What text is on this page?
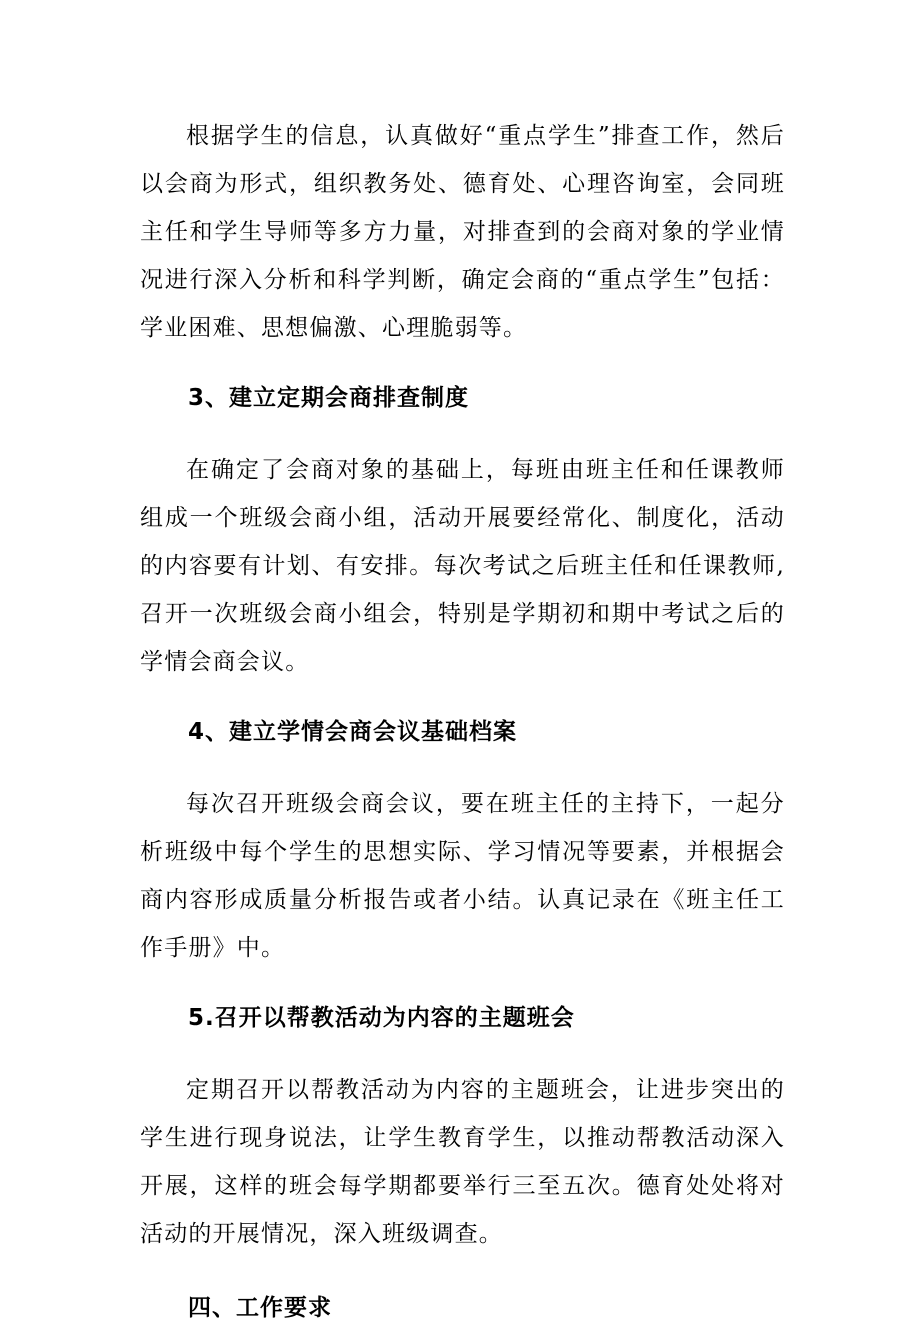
根据学生的信息，认真做好“重点学生”排查工作，然后以会商为形式，组织教务处、德育处、心理咨询室，会同班主任和学生导师等多方力量，对排查到的会商对象的学业情况进行深入分析和科学判断，确定会商的“重点学生”包括：学业困难、思想偏激、心理脆弱等。

3、建立定期会商排查制度

在确定了会商对象的基础上，每班由班主任和任课教师组成一个班级会商小组，活动开展要经常化、制度化，活动的内容要有计划、有安排。每次考试之后班主任和任课教师,召开一次班级会商小组会，特别是学期初和期中考试之后的学情会商会议。

4、建立学情会商会议基础档案

每次召开班级会商会议，要在班主任的主持下，一起分析班级中每个学生的思想实际、学习情况等要素，并根据会商内容形成质量分析报告或者小结。认真记录在《班主任工作手册》中。

5.召开以帮教活动为内容的主题班会

定期召开以帮教活动为内容的主题班会，让进步突出的学生进行现身说法，让学生教育学生，以推动帮教活动深入开展，这样的班会每学期都要举行三至五次。德育处处将对活动的开展情况，深入班级调查。

四、工作要求
